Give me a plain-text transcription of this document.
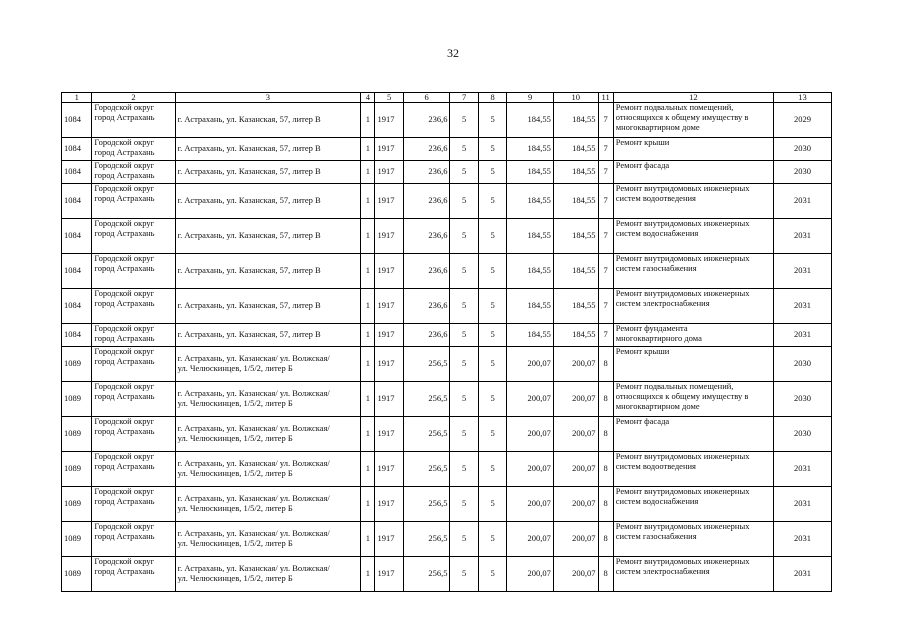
32
1	2	3	4	5	6	7	8	9	10	11	12	13
1084	Городской округ
город Астрахань	г. Астрахань, ул. Казанская, 57, литер В	1	1917	236,6	5	5	184,55	184,55	7	Ремонт подвальных помещений,
относящихся к общему имуществу в
многоквартирном доме	2029
1084	Городской округ
город Астрахань	г. Астрахань, ул. Казанская, 57, литер В	1	1917	236,6	5	5	184,55	184,55	7	Ремонт крыши	2030
1084	Городской округ
город Астрахань	г. Астрахань, ул. Казанская, 57, литер В	1	1917	236,6	5	5	184,55	184,55	7	Ремонт фасада	2030
1084	Городской округ
город Астрахань	г. Астрахань, ул. Казанская, 57, литер В	1	1917	236,6	5	5	184,55	184,55	7	Ремонт внутридомовых инженерных
систем водоотведения	2031
1084	Городской округ
город Астрахань	г. Астрахань, ул. Казанская, 57, литер В	1	1917	236,6	5	5	184,55	184,55	7	Ремонт внутридомовых инженерных
систем водоснабжения	2031
1084	Городской округ
город Астрахань	г. Астрахань, ул. Казанская, 57, литер В	1	1917	236,6	5	5	184,55	184,55	7	Ремонт внутридомовых инженерных
систем газоснабжения	2031
1084	Городской округ
город Астрахань	г. Астрахань, ул. Казанская, 57, литер В	1	1917	236,6	5	5	184,55	184,55	7	Ремонт внутридомовых инженерных
систем электроснабжения	2031
1084	Городской округ
город Астрахань	г. Астрахань, ул. Казанская, 57, литер В	1	1917	236,6	5	5	184,55	184,55	7	Ремонт фундамента
многоквартирного дома	2031
1089	Городской округ
город Астрахань	г. Астрахань, ул. Казанская/ ул. Волжская/
ул. Челюскинцев, 1/5/2, литер Б	1	1917	256,5	5	5	200,07	200,07	8	Ремонт крыши	2030
1089	Городской округ
город Астрахань	г. Астрахань, ул. Казанская/ ул. Волжская/
ул. Челюскинцев, 1/5/2, литер Б	1	1917	256,5	5	5	200,07	200,07	8	Ремонт подвальных помещений,
относящихся к общему имуществу в
многоквартирном доме	2030
1089	Городской округ
город Астрахань	г. Астрахань, ул. Казанская/ ул. Волжская/
ул. Челюскинцев, 1/5/2, литер Б	1	1917	256,5	5	5	200,07	200,07	8	Ремонт фасада	2030
1089	Городской округ
город Астрахань	г. Астрахань, ул. Казанская/ ул. Волжская/
ул. Челюскинцев, 1/5/2, литер Б	1	1917	256,5	5	5	200,07	200,07	8	Ремонт внутридомовых инженерных
систем водоотведения	2031
1089	Городской округ
город Астрахань	г. Астрахань, ул. Казанская/ ул. Волжская/
ул. Челюскинцев, 1/5/2, литер Б	1	1917	256,5	5	5	200,07	200,07	8	Ремонт внутридомовых инженерных
систем водоснабжения	2031
1089	Городской округ
город Астрахань	г. Астрахань, ул. Казанская/ ул. Волжская/
ул. Челюскинцев, 1/5/2, литер Б	1	1917	256,5	5	5	200,07	200,07	8	Ремонт внутридомовых инженерных
систем газоснабжения	2031
1089	Городской округ
город Астрахань	г. Астрахань, ул. Казанская/ ул. Волжская/
ул. Челюскинцев, 1/5/2, литер Б	1	1917	256,5	5	5	200,07	200,07	8	Ремонт внутридомовых инженерных
систем электроснабжения	2031
